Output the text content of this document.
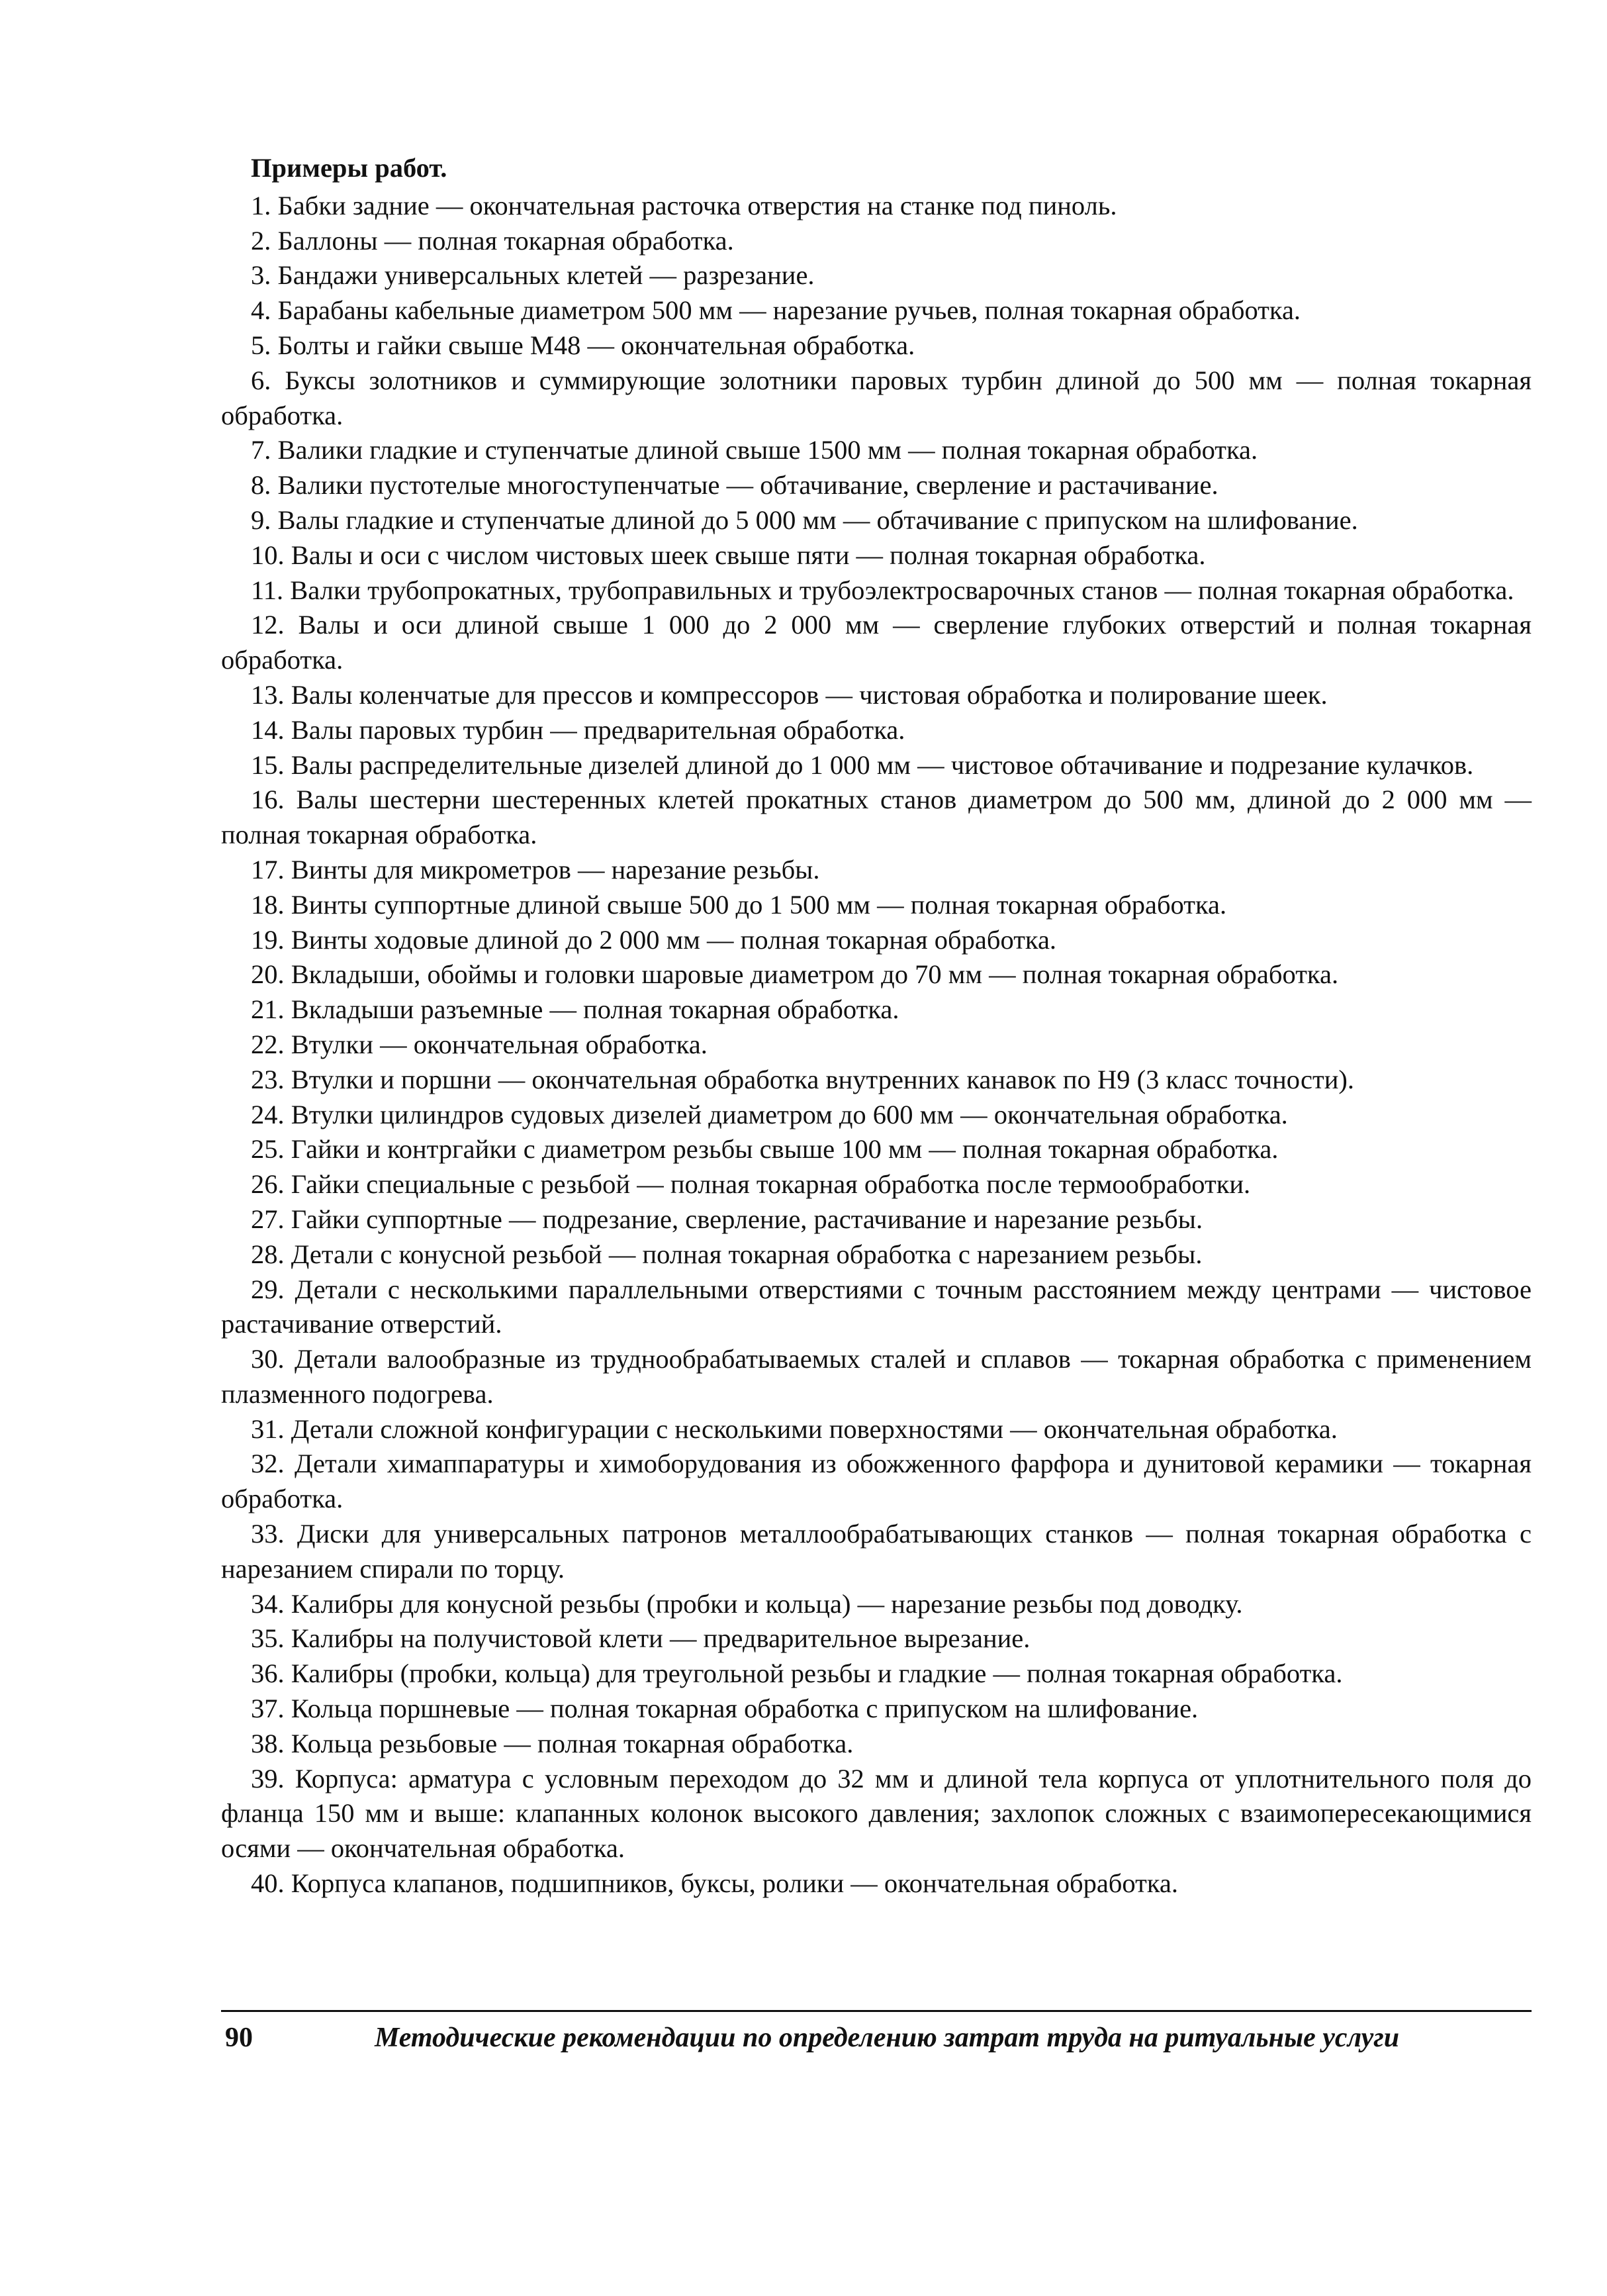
Примеры работ.

1. Бабки задние — окончательная расточка отверстия на станке под пиноль.

2. Баллоны — полная токарная обработка.

3. Бандажи универсальных клетей — разрезание.

4. Барабаны кабельные диаметром 500 мм — нарезание ручьев, полная токарная обработка.

5. Болты и гайки свыше М48 — окончательная обработка.

6. Буксы золотников и суммирующие золотники паровых турбин длиной до 500 мм — полная токарная обработка.

7. Валики гладкие и ступенчатые длиной свыше 1500 мм — полная токарная обработка.

8. Валики пустотелые многоступенчатые — обтачивание, сверление и растачивание.

9. Валы гладкие и ступенчатые длиной до 5 000 мм — обтачивание с припуском на шлифование.

10. Валы и оси с числом чистовых шеек свыше пяти — полная токарная обработка.

11. Валки трубопрокатных, трубоправильных и трубоэлектросварочных станов — полная токарная обработка.

12. Валы и оси длиной свыше 1 000 до 2 000 мм — сверление глубоких отверстий и полная токарная обработка.

13. Валы коленчатые для прессов и компрессоров — чистовая обработка и полирование шеек.

14. Валы паровых турбин — предварительная обработка.

15. Валы распределительные дизелей длиной до 1 000 мм — чистовое обтачивание и подрезание кулачков.

16. Валы шестерни шестеренных клетей прокатных станов диаметром до 500 мм, длиной до 2 000 мм — полная токарная обработка.

17. Винты для микрометров — нарезание резьбы.

18. Винты суппортные длиной свыше 500 до 1 500 мм — полная токарная обработка.

19. Винты ходовые длиной до 2 000 мм — полная токарная обработка.

20. Вкладыши, обоймы и головки шаровые диаметром до 70 мм — полная токарная обработка.

21. Вкладыши разъемные — полная токарная обработка.

22. Втулки — окончательная обработка.

23. Втулки и поршни — окончательная обработка внутренних канавок по Н9 (3 класс точности).

24. Втулки цилиндров судовых дизелей диаметром до 600 мм — окончательная обработка.

25. Гайки и контргайки с диаметром резьбы свыше 100 мм — полная токарная обработка.

26. Гайки специальные с резьбой — полная токарная обработка после термообработки.

27. Гайки суппортные — подрезание, сверление, растачивание и нарезание резьбы.

28. Детали с конусной резьбой — полная токарная обработка с нарезанием резьбы.

29. Детали с несколькими параллельными отверстиями с точным расстоянием между центрами — чистовое растачивание отверстий.

30. Детали валообразные из труднообрабатываемых сталей и сплавов — токарная обработка с применением плазменного подогрева.

31. Детали сложной конфигурации с несколькими поверхностями — окончательная обработка.

32. Детали химаппаратуры и химоборудования из обожженного фарфора и дунитовой керамики — токарная обработка.

33. Диски для универсальных патронов металлообрабатывающих станков — полная токарная обработка с нарезанием спирали по торцу.

34. Калибры для конусной резьбы (пробки и кольца) — нарезание резьбы под доводку.

35. Калибры на получистовой клети — предварительное вырезание.

36. Калибры (пробки, кольца) для треугольной резьбы и гладкие — полная токарная обработка.

37. Кольца поршневые — полная токарная обработка с припуском на шлифование.

38. Кольца резьбовые — полная токарная обработка.

39. Корпуса: арматура с условным переходом до 32 мм и длиной тела корпуса от уплотнительного поля до фланца 150 мм и выше: клапанных колонок высокого давления; захлопок сложных с взаимопересекающимися осями — окончательная обработка.

40. Корпуса клапанов, подшипников, буксы, ролики — окончательная обработка.

90	Методические рекомендации по определению затрат труда на ритуальные услуги
